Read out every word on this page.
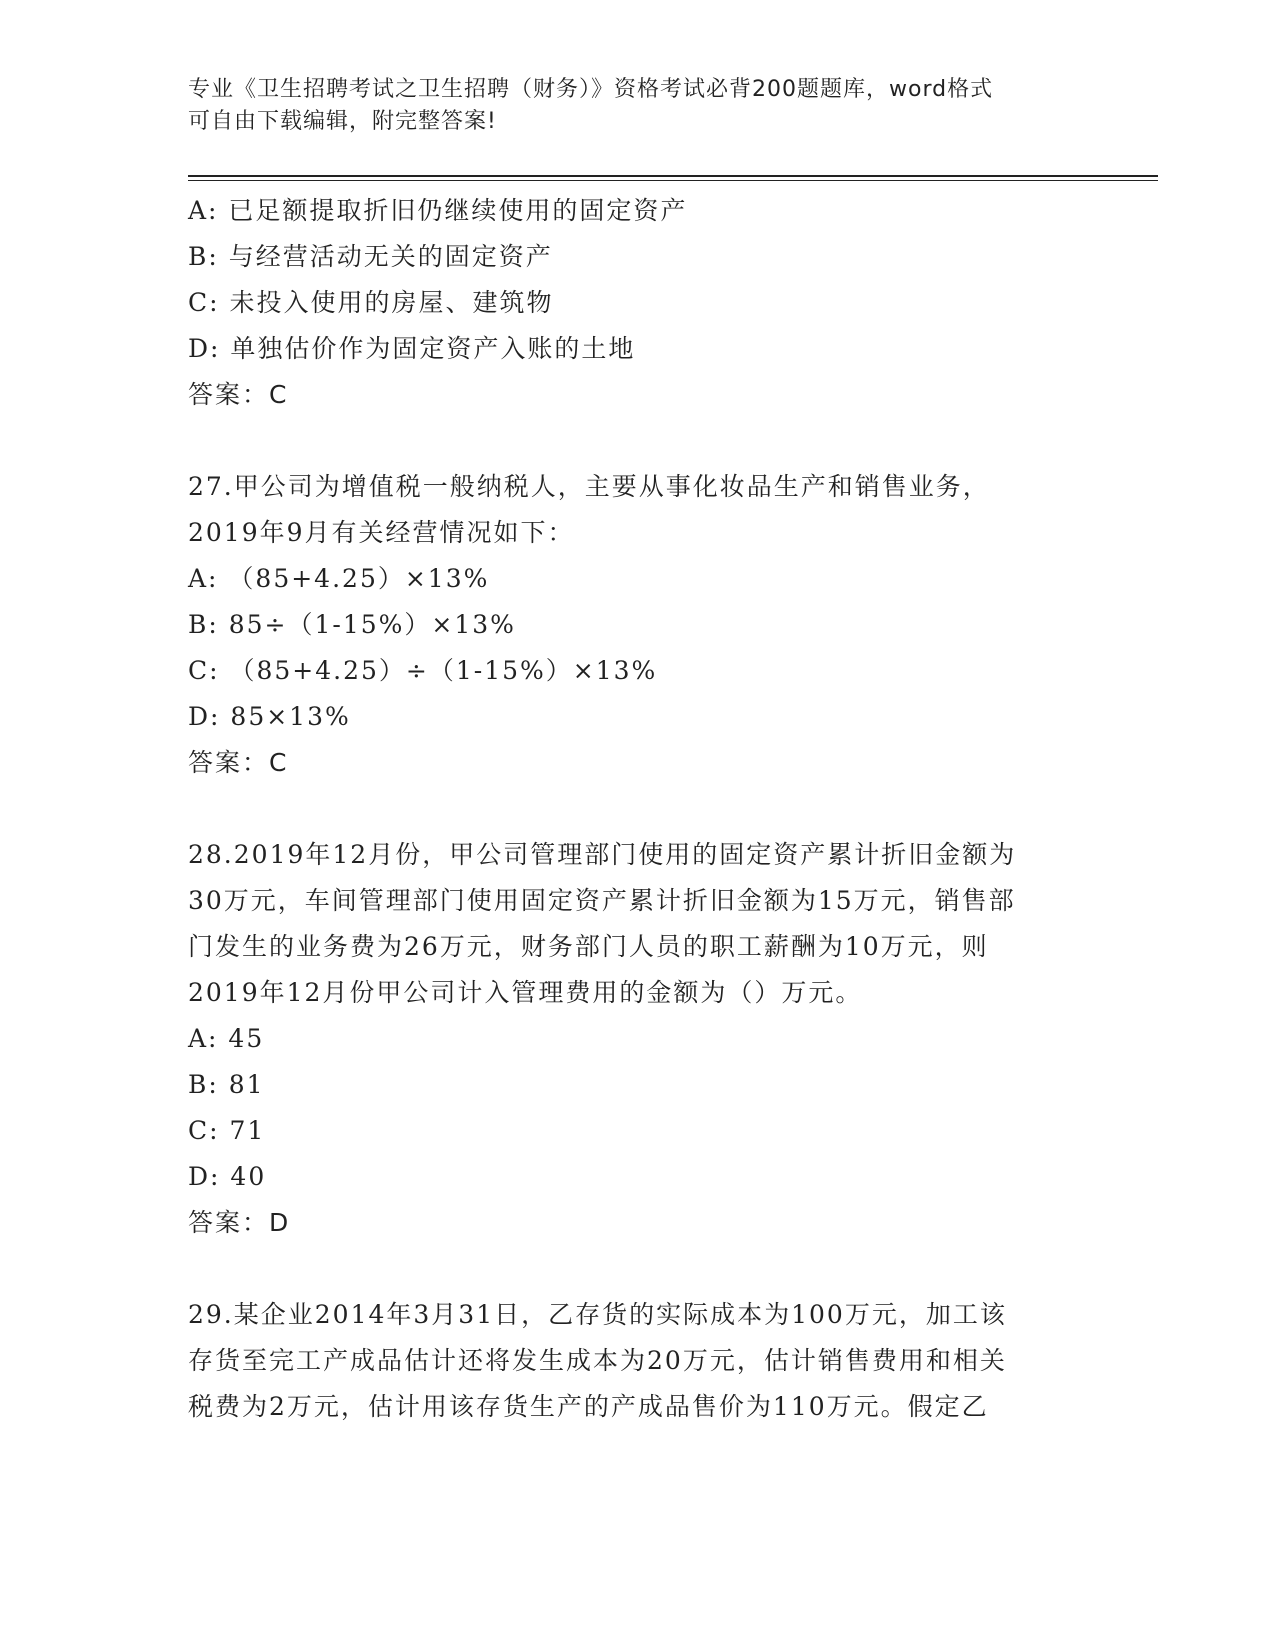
专业《卫生招聘考试之卫生招聘（财务）》资格考试必背200题题库，word格式
可自由下载编辑，附完整答案!
A: 已足额提取折旧仍继续使用的固定资产
B: 与经营活动无关的固定资产
C: 未投入使用的房屋、建筑物
D: 单独估价作为固定资产入账的土地
答案：C
27.甲公司为增值税一般纳税人，主要从事化妆品生产和销售业务，
2019年9月有关经营情况如下：
A: （85+4.25）×13%
B: 85÷（1-15%）×13%
C: （85+4.25）÷（1-15%）×13%
D: 85×13%
答案：C
28.2019年12月份，甲公司管理部门使用的固定资产累计折旧金额为
30万元，车间管理部门使用固定资产累计折旧金额为15万元，销售部
门发生的业务费为26万元，财务部门人员的职工薪酬为10万元，则
2019年12月份甲公司计入管理费用的金额为（）万元。
A: 45
B: 81
C: 71
D: 40
答案：D
29.某企业2014年3月31日，乙存货的实际成本为100万元，加工该
存货至完工产成品估计还将发生成本为20万元，估计销售费用和相关
税费为2万元，估计用该存货生产的产成品售价为110万元。假定乙
